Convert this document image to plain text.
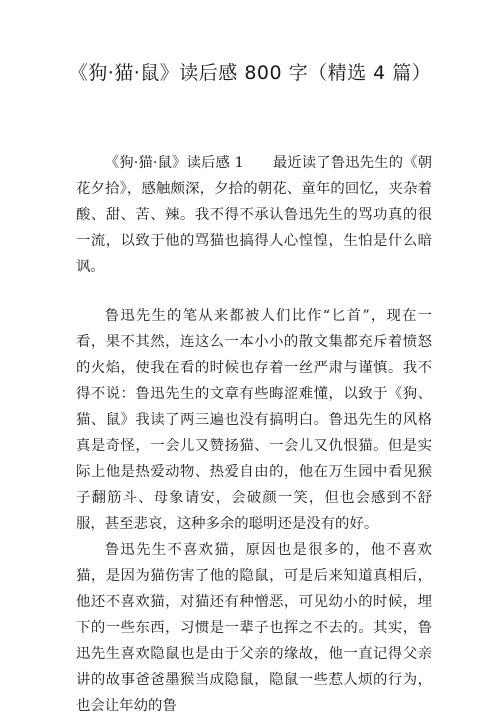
《狗·猫·鼠》读后感 800 字（精选 4 篇）

《狗·猫·鼠》读后感 1　　最近读了鲁迅先生的《朝花夕拾》，感触颇深，夕拾的朝花、童年的回忆，夹杂着酸、甜、苦、辣。我不得不承认鲁迅先生的骂功真的很一流，以致于他的骂猫也搞得人心惶惶，生怕是什么暗讽。

鲁迅先生的笔从来都被人们比作“匕首”，现在一看，果不其然，连这么一本小小的散文集都充斥着愤怒的火焰，使我在看的时候也存着一丝严肃与谨慎。我不得不说：鲁迅先生的文章有些晦涩难懂，以致于《狗、猫、鼠》我读了两三遍也没有搞明白。鲁迅先生的风格真是奇怪，一会儿又赞扬猫、一会儿又仇恨猫。但是实际上他是热爱动物、热爱自由的，他在万生园中看见猴子翻筋斗、母象请安，会破颜一笑，但也会感到不舒服，甚至悲哀，这种多余的聪明还是没有的好。

鲁迅先生不喜欢猫，原因也是很多的，他不喜欢猫，是因为猫伤害了他的隐鼠，可是后来知道真相后，他还不喜欢猫，对猫还有种憎恶，可见幼小的时候，埋下的一些东西，习惯是一辈子也挥之不去的。其实，鲁迅先生喜欢隐鼠也是由于父亲的缘故，他一直记得父亲讲的故事爸爸墨猴当成隐鼠，隐鼠一些惹人烦的行为，也会让年幼的鲁
